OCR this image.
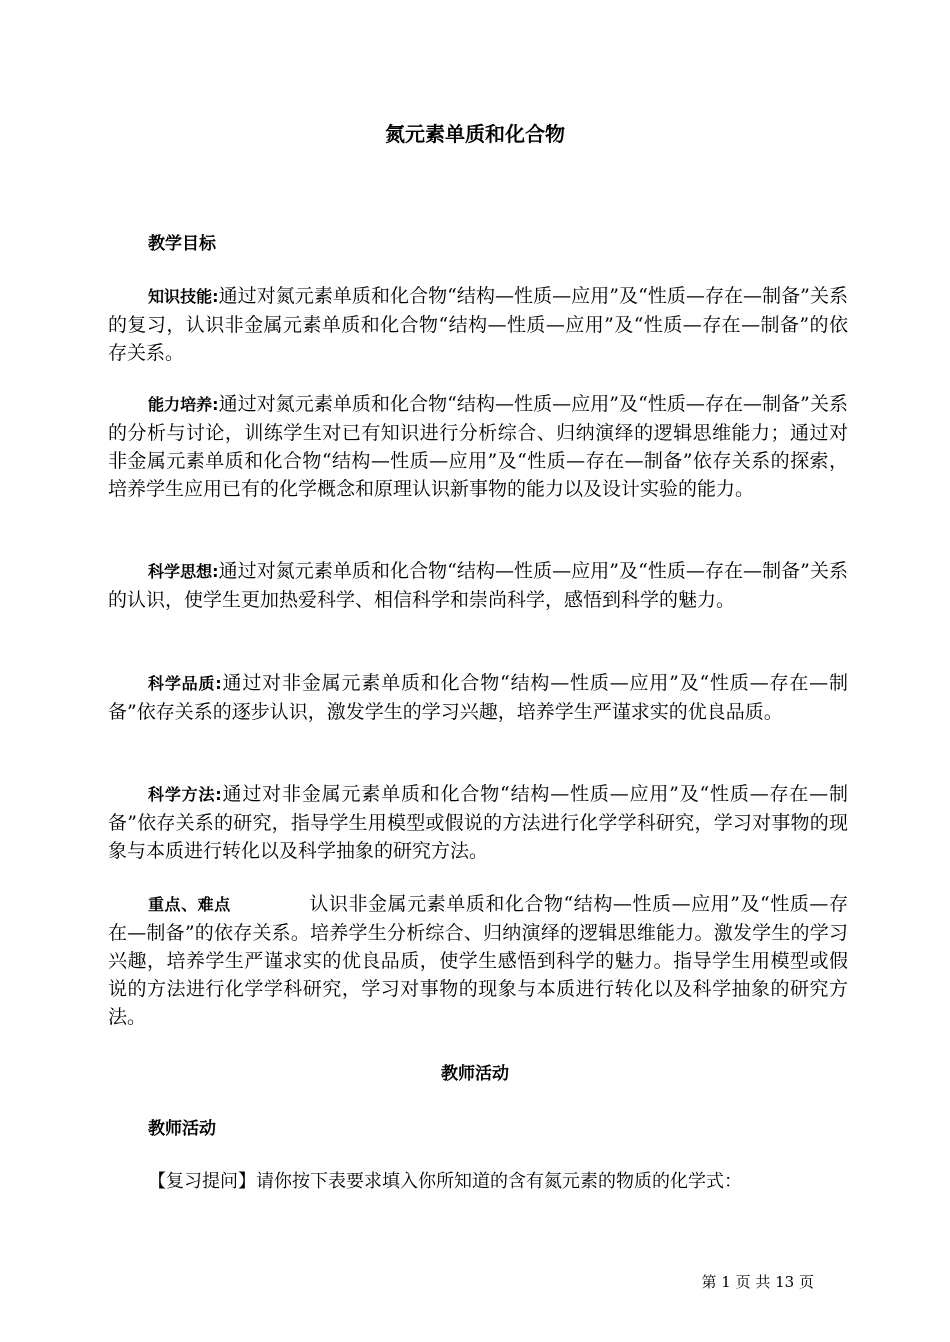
氮元素单质和化合物
教学目标
知识技能:通过对氮元素单质和化合物“结构—性质—应用”及“性质—存在—制备”关系的复习，认识非金属元素单质和化合物“结构—性质—应用”及“性质—存在—制备”的依存关系。
能力培养:通过对氮元素单质和化合物“结构—性质—应用”及“性质—存在—制备”关系的分析与讨论，训练学生对已有知识进行分析综合、归纳演绎的逻辑思维能力；通过对非金属元素单质和化合物“结构—性质—应用”及“性质—存在—制备”依存关系的探索，培养学生应用已有的化学概念和原理认识新事物的能力以及设计实验的能力。
科学思想:通过对氮元素单质和化合物“结构—性质—应用”及“性质—存在—制备”关系的认识，使学生更加热爱科学、相信科学和崇尚科学，感悟到科学的魅力。
科学品质:通过对非金属元素单质和化合物“结构—性质—应用”及“性质—存在—制备”依存关系的逐步认识，激发学生的学习兴趣，培养学生严谨求实的优良品质。
科学方法:通过对非金属元素单质和化合物“结构—性质—应用”及“性质—存在—制备”依存关系的研究，指导学生用模型或假说的方法进行化学学科研究，学习对事物的现象与本质进行转化以及科学抽象的研究方法。
重点、难点	认识非金属元素单质和化合物“结构—性质—应用”及“性质—存在—制备”的依存关系。培养学生分析综合、归纳演绎的逻辑思维能力。激发学生的学习兴趣，培养学生严谨求实的优良品质，使学生感悟到科学的魅力。指导学生用模型或假说的方法进行化学学科研究，学习对事物的现象与本质进行转化以及科学抽象的研究方法。
教师活动
教师活动
【复习提问】请你按下表要求填入你所知道的含有氮元素的物质的化学式：
第 1 页 共 13 页
